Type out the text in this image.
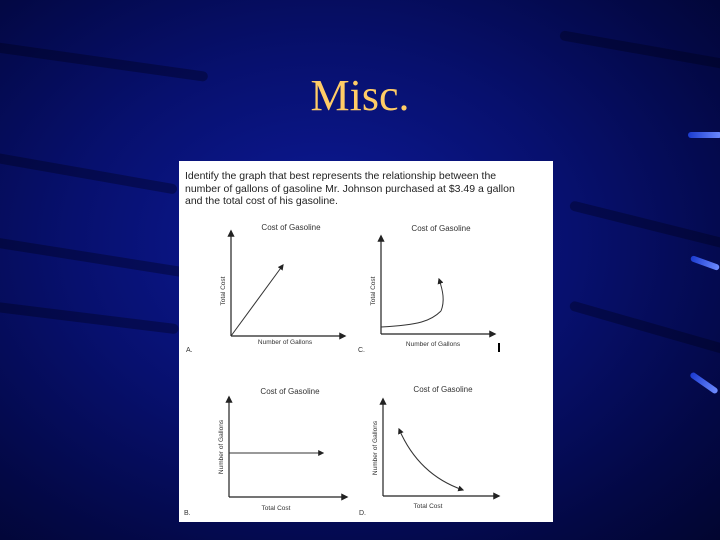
Misc.
Identify the graph that best represents the relationship between the
number of gallons of gasoline Mr. Johnson purchased at $3.49 a gallon
and the total cost of his gasoline.
Cost of Gasoline
Total Cost
Number of Gallons
A.
Cost of Gasoline
Total Cost
Number of Gallons
C.
Cost of Gasoline
Number of Gallons
Total Cost
B.
Cost of Gasoline
Number of Gallons
Total Cost
D.
